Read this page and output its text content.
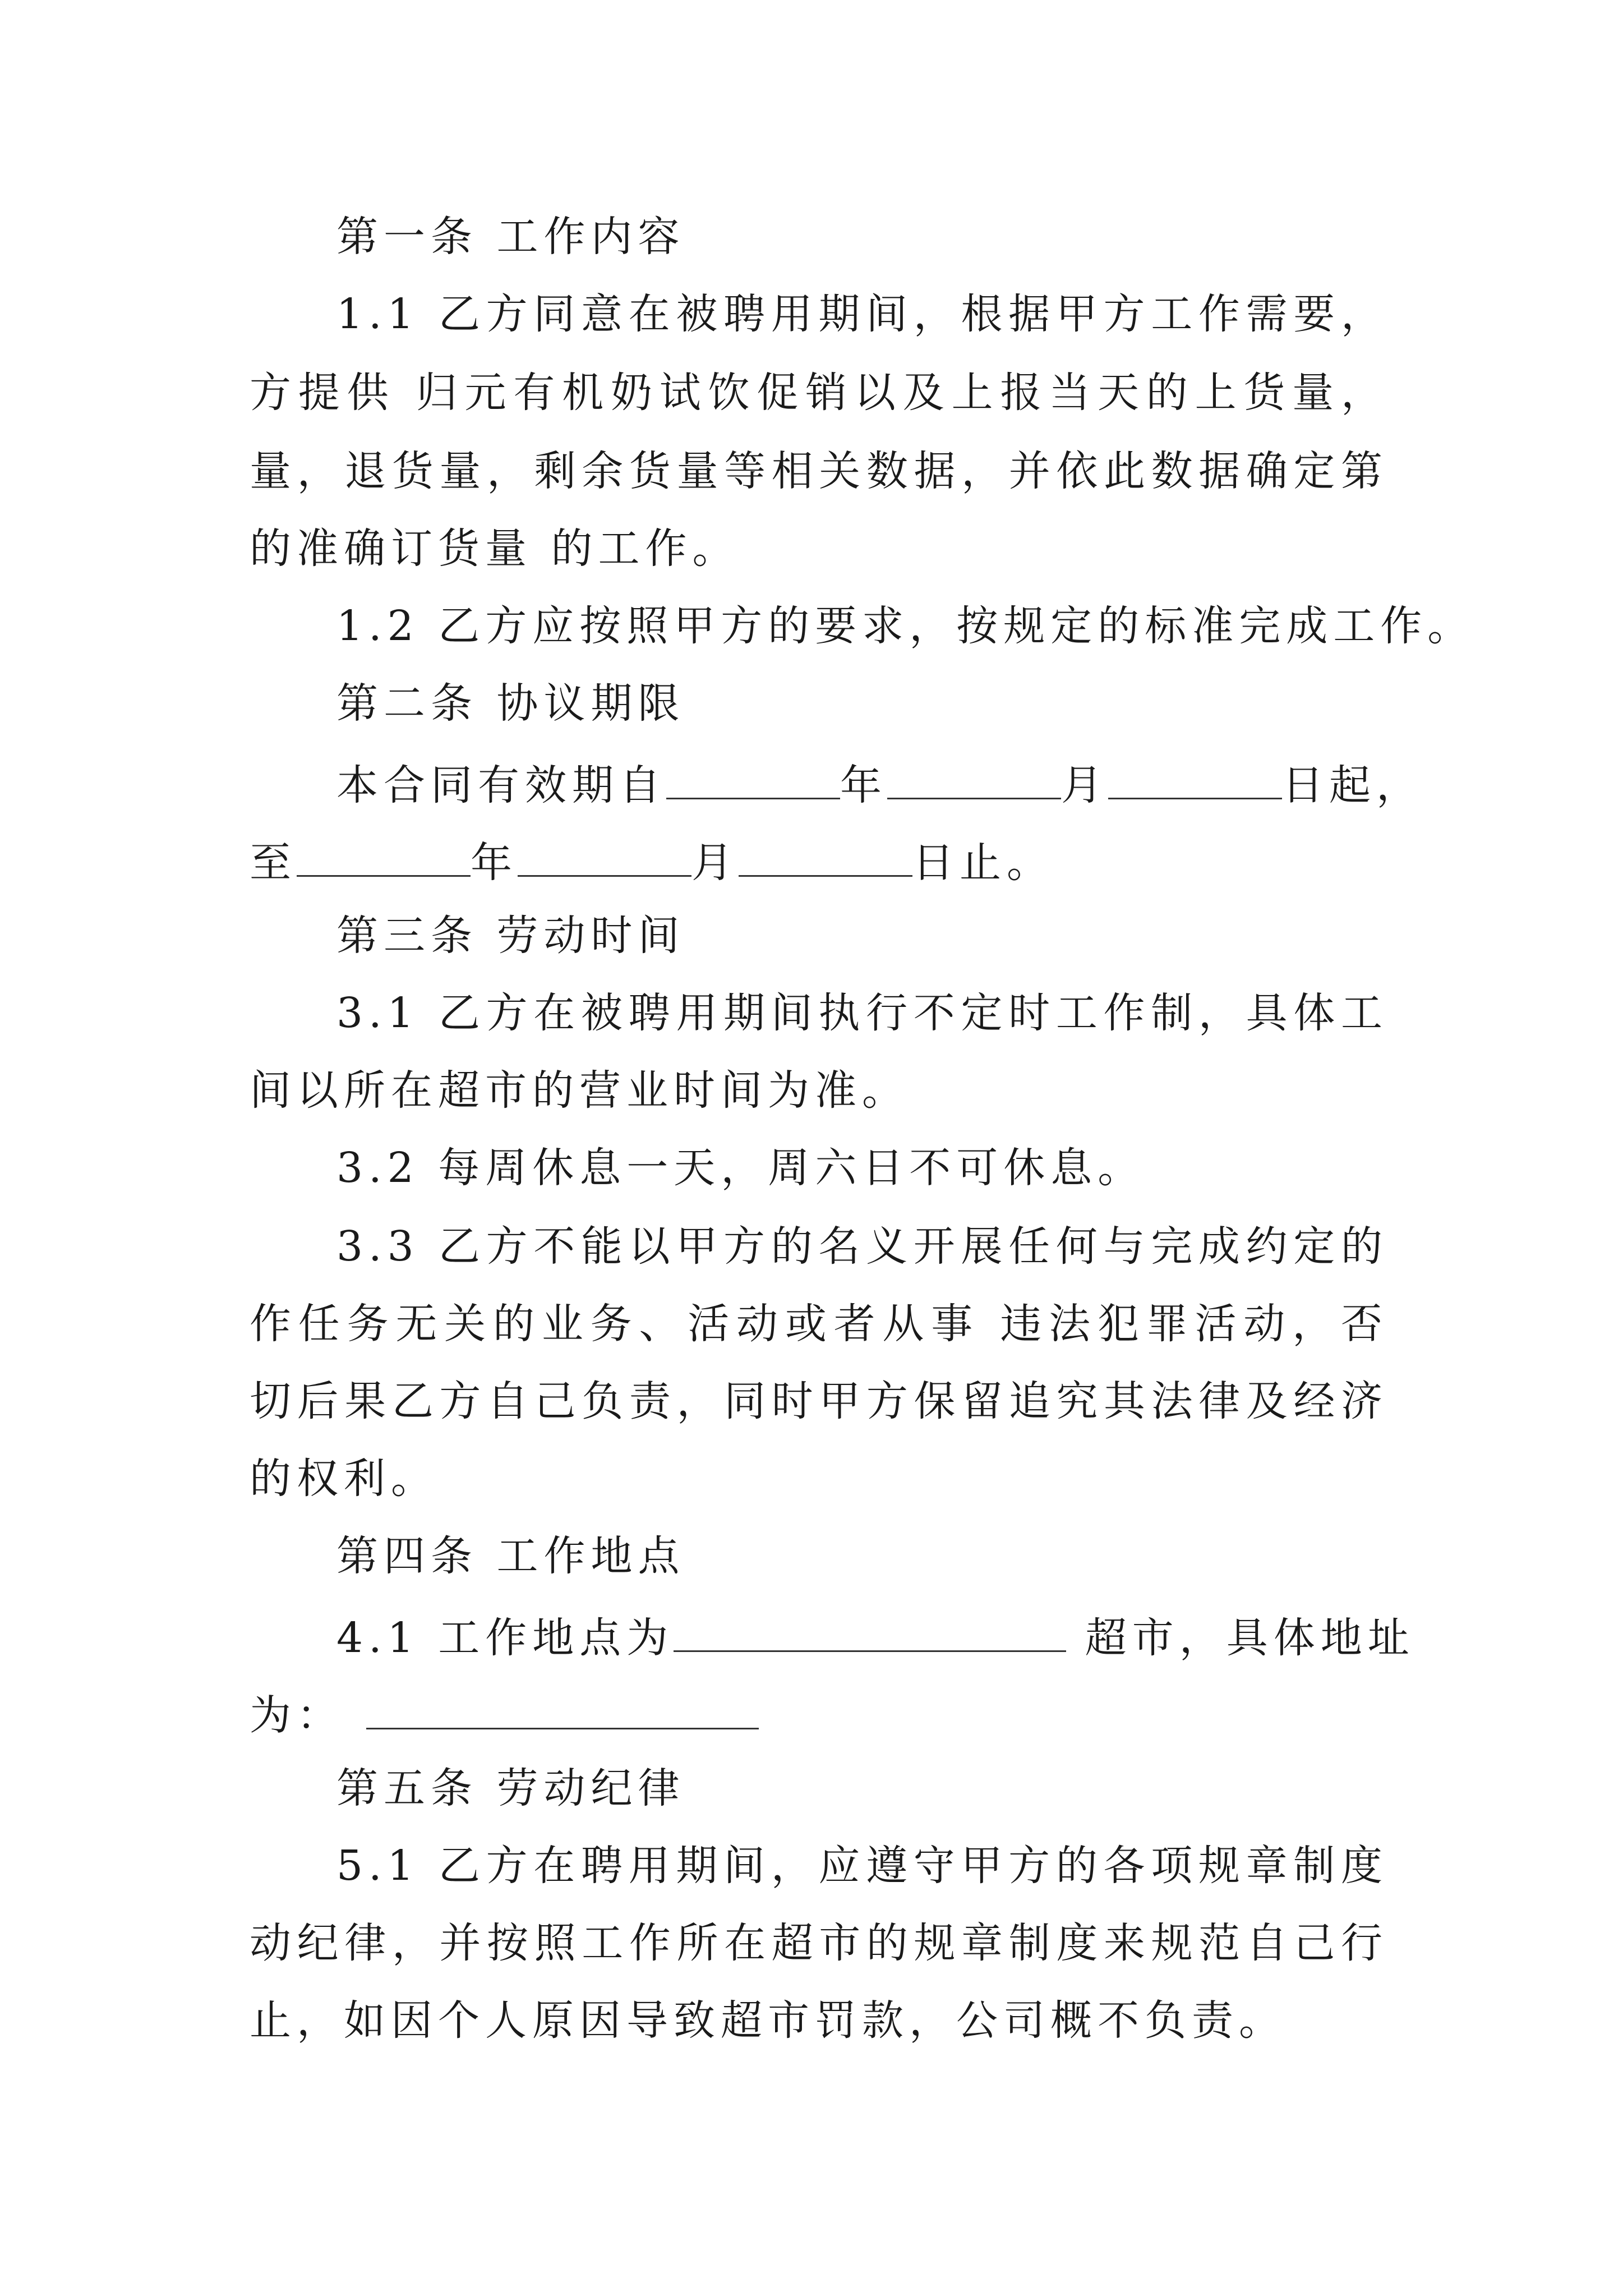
第一条 工作内容
1.1 乙方同意在被聘用期间，根据甲方工作需要，
方提供 归元有机奶试饮促销以及上报当天的上货量，
量，退货量，剩余货量等相关数据，并依此数据确定第
的准确订货量 的工作。
1.2 乙方应按照甲方的要求，按规定的标准完成工作。
第二条 协议期限
本合同有效期自	年	月	日起，
至	年	月	日止。
第三条 劳动时间
3.1 乙方在被聘用期间执行不定时工作制，具体工
间以所在超市的营业时间为准。
3.2 每周休息一天，周六日不可休息。
3.3 乙方不能以甲方的名义开展任何与完成约定的
作任务无关的业务、活动或者从事 违法犯罪活动，否
切后果乙方自己负责，同时甲方保留追究其法律及经济
的权利。
第四条 工作地点
4.1 工作地点为	超市，具体地址
为：
第五条 劳动纪律
5.1 乙方在聘用期间，应遵守甲方的各项规章制度
动纪律，并按照工作所在超市的规章制度来规范自己行
止，如因个人原因导致超市罚款，公司概不负责。
